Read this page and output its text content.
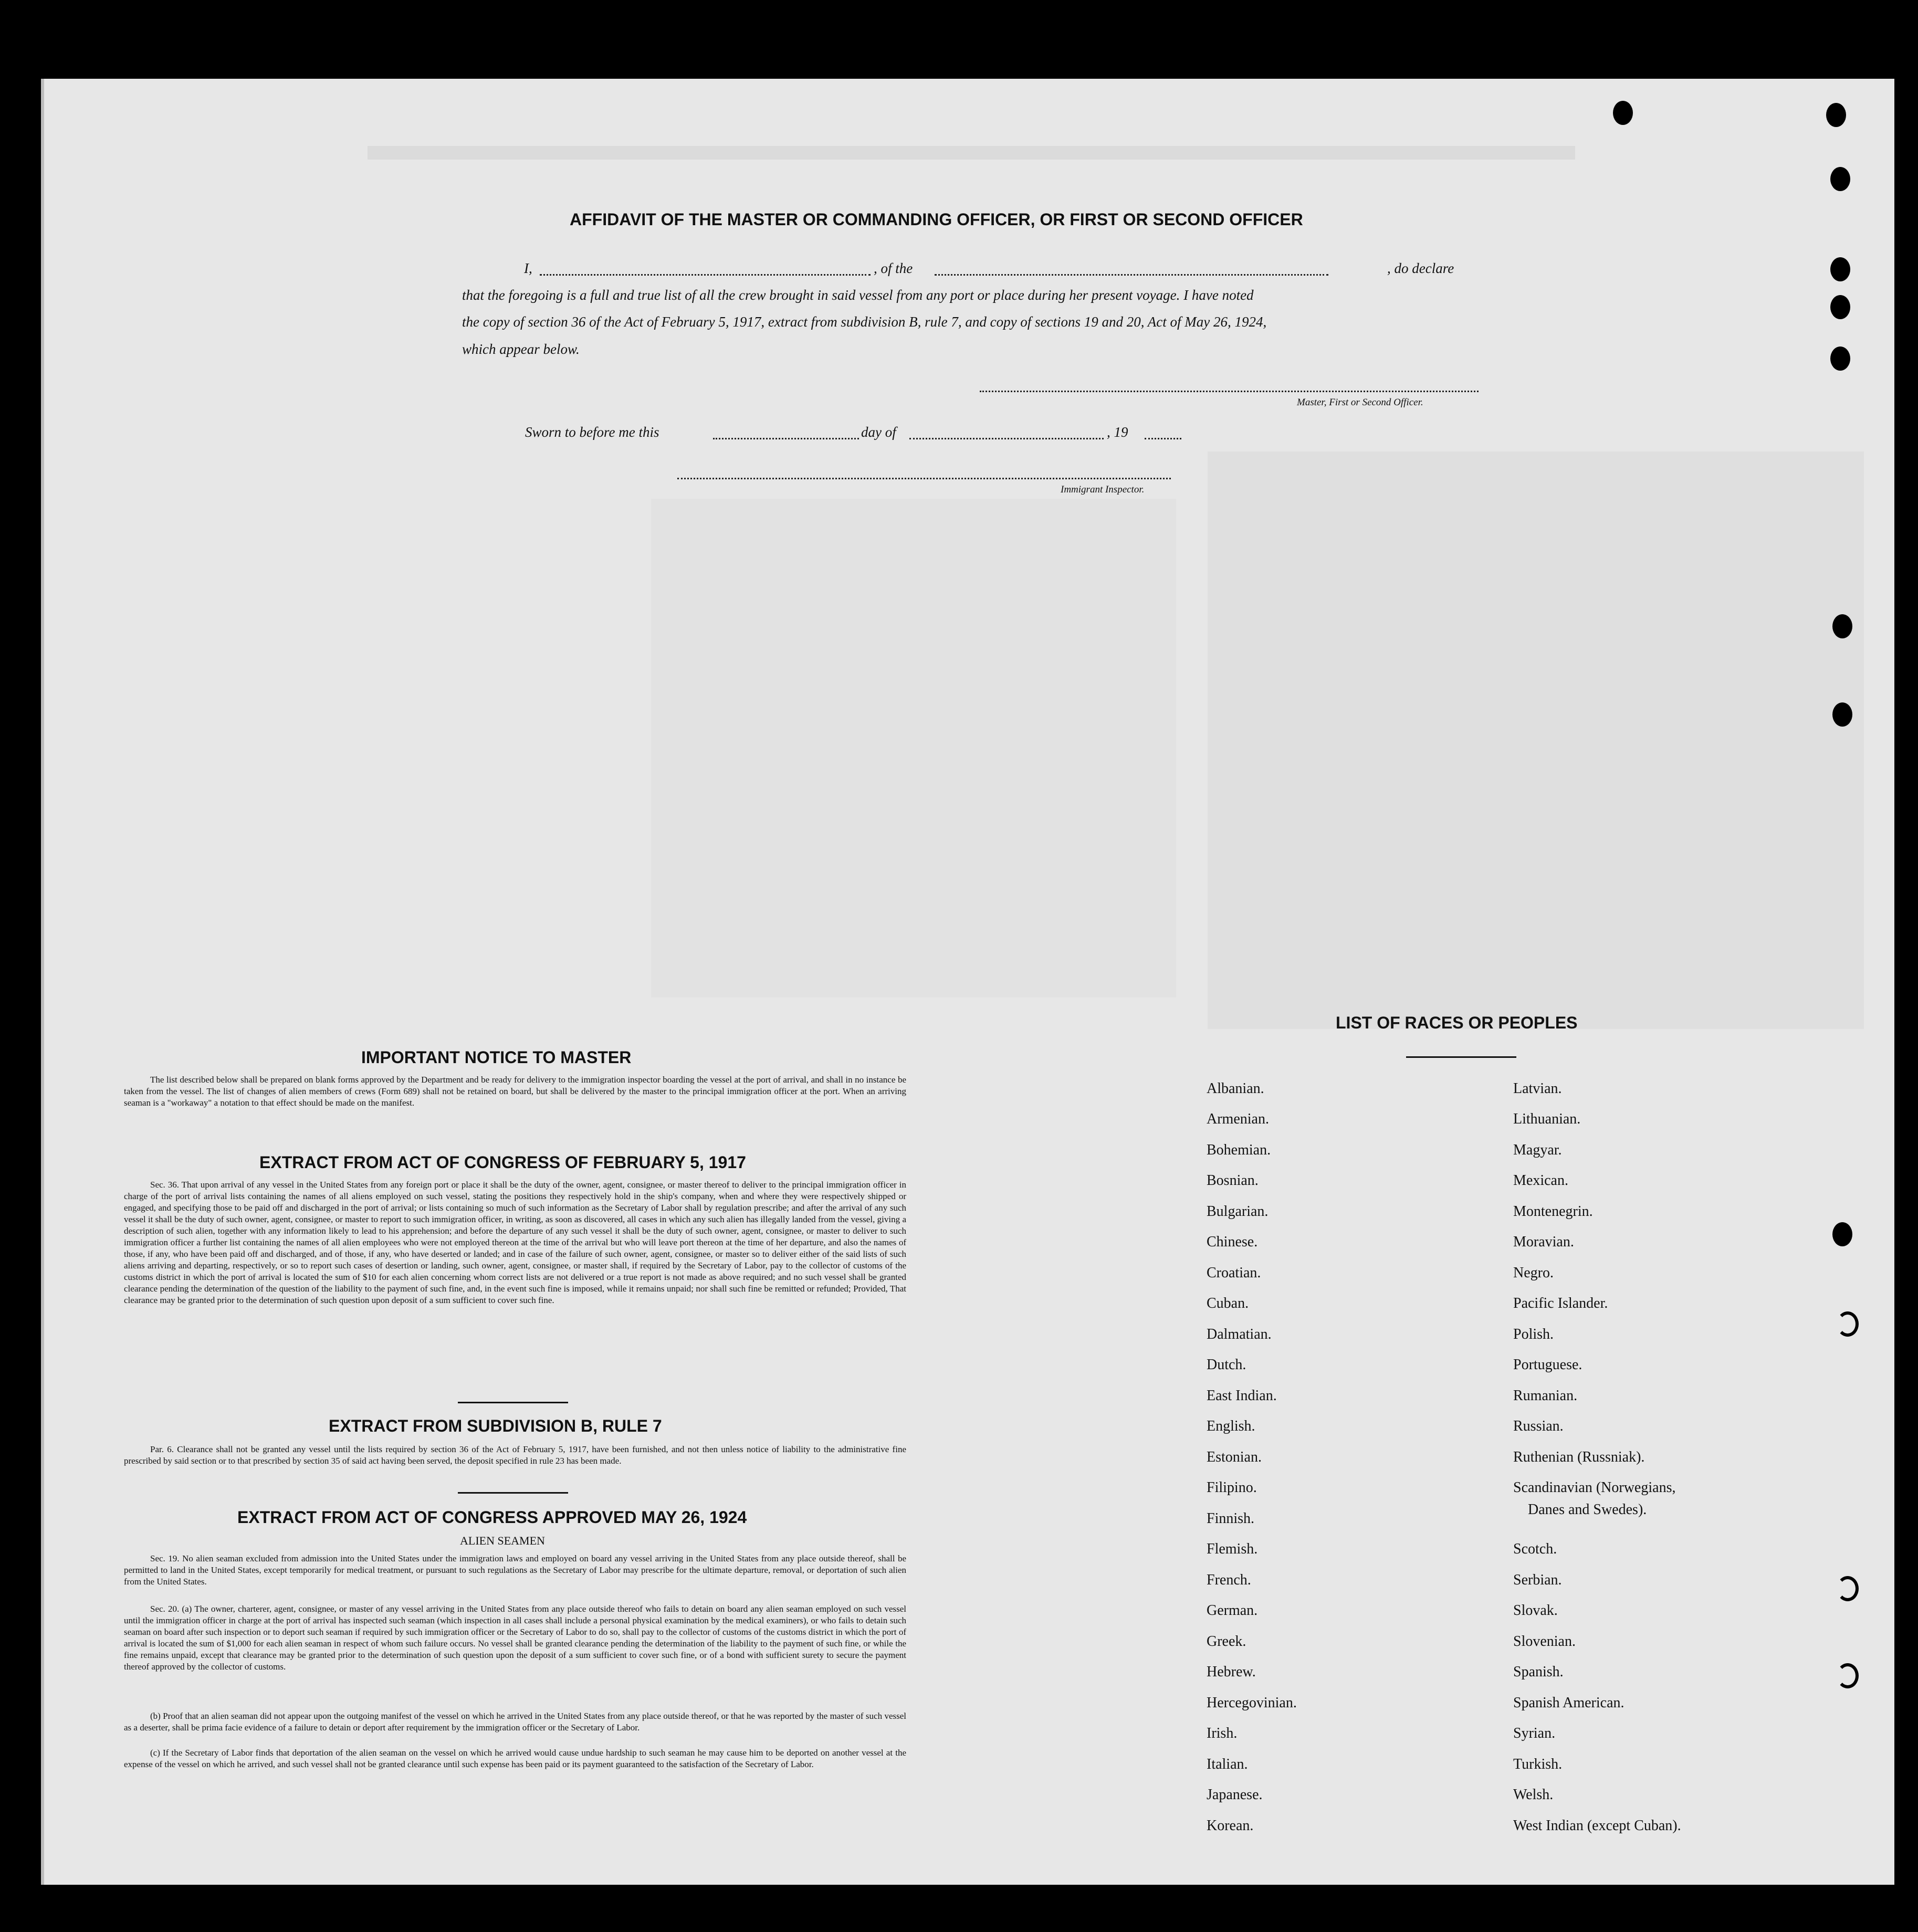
AFFIDAVIT OF THE MASTER OR COMMANDING OFFICER, OR FIRST OR SECOND OFFICER
I,	, of the	, do declare
that the foregoing is a full and true list of all the crew brought in said vessel from any port or place during her present voyage. I have noted
the copy of section 36 of the Act of February 5, 1917, extract from subdivision B, rule 7, and copy of sections 19 and 20, Act of May 26, 1924,
which appear below.
Master, First or Second Officer.
Sworn to before me this	day of	, 19
Immigrant Inspector.
IMPORTANT NOTICE TO MASTER
The list described below shall be prepared on blank forms approved by the Department and be ready for delivery to the immigration inspector boarding the vessel at the port of arrival, and shall in no instance be taken from the vessel. The list of changes of alien members of crews (Form 689) shall not be retained on board, but shall be delivered by the master to the principal immigration officer at the port. When an arriving seaman is a "workaway" a notation to that effect should be made on the manifest.
EXTRACT FROM ACT OF CONGRESS OF FEBRUARY 5, 1917
Sec. 36. That upon arrival of any vessel in the United States from any foreign port or place it shall be the duty of the owner, agent, consignee, or master thereof to deliver to the principal immigration officer in charge of the port of arrival lists containing the names of all aliens employed on such vessel, stating the positions they respectively hold in the ship's company, when and where they were respectively shipped or engaged, and specifying those to be paid off and discharged in the port of arrival; or lists containing so much of such information as the Secretary of Labor shall by regulation prescribe; and after the arrival of any such vessel it shall be the duty of such owner, agent, consignee, or master to report to such immigration officer, in writing, as soon as discovered, all cases in which any such alien has illegally landed from the vessel, giving a description of such alien, together with any information likely to lead to his apprehension; and before the departure of any such vessel it shall be the duty of such owner, agent, consignee, or master to deliver to such immigration officer a further list containing the names of all alien employees who were not employed thereon at the time of the arrival but who will leave port thereon at the time of her departure, and also the names of those, if any, who have been paid off and discharged, and of those, if any, who have deserted or landed; and in case of the failure of such owner, agent, consignee, or master so to deliver either of the said lists of such aliens arriving and departing, respectively, or so to report such cases of desertion or landing, such owner, agent, consignee, or master shall, if required by the Secretary of Labor, pay to the collector of customs of the customs district in which the port of arrival is located the sum of $10 for each alien concerning whom correct lists are not delivered or a true report is not made as above required; and no such vessel shall be granted clearance pending the determination of the question of the liability to the payment of such fine, and, in the event such fine is imposed, while it remains unpaid; nor shall such fine be remitted or refunded; Provided, That clearance may be granted prior to the determination of such question upon deposit of a sum sufficient to cover such fine.
EXTRACT FROM SUBDIVISION B, RULE 7
Par. 6. Clearance shall not be granted any vessel until the lists required by section 36 of the Act of February 5, 1917, have been furnished, and not then unless notice of liability to the administrative fine prescribed by said section or to that prescribed by section 35 of said act having been served, the deposit specified in rule 23 has been made.
EXTRACT FROM ACT OF CONGRESS APPROVED MAY 26, 1924
ALIEN SEAMEN
Sec. 19. No alien seaman excluded from admission into the United States under the immigration laws and employed on board any vessel arriving in the United States from any place outside thereof, shall be permitted to land in the United States, except temporarily for medical treatment, or pursuant to such regulations as the Secretary of Labor may prescribe for the ultimate departure, removal, or deportation of such alien from the United States.
Sec. 20. (a) The owner, charterer, agent, consignee, or master of any vessel arriving in the United States from any place outside thereof who fails to detain on board any alien seaman employed on such vessel until the immigration officer in charge at the port of arrival has inspected such seaman (which inspection in all cases shall include a personal physical examination by the medical examiners), or who fails to detain such seaman on board after such inspection or to deport such seaman if required by such immigration officer or the Secretary of Labor to do so, shall pay to the collector of customs of the customs district in which the port of arrival is located the sum of $1,000 for each alien seaman in respect of whom such failure occurs. No vessel shall be granted clearance pending the determination of the liability to the payment of such fine, or while the fine remains unpaid, except that clearance may be granted prior to the determination of such question upon the deposit of a sum sufficient to cover such fine, or of a bond with sufficient surety to secure the payment thereof approved by the collector of customs.
(b) Proof that an alien seaman did not appear upon the outgoing manifest of the vessel on which he arrived in the United States from any place outside thereof, or that he was reported by the master of such vessel as a deserter, shall be prima facie evidence of a failure to detain or deport after requirement by the immigration officer or the Secretary of Labor.
(c) If the Secretary of Labor finds that deportation of the alien seaman on the vessel on which he arrived would cause undue hardship to such seaman he may cause him to be deported on another vessel at the expense of the vessel on which he arrived, and such vessel shall not be granted clearance until such expense has been paid or its payment guaranteed to the satisfaction of the Secretary of Labor.
LIST OF RACES OR PEOPLES
Albanian.
Armenian.
Bohemian.
Bosnian.
Bulgarian.
Chinese.
Croatian.
Cuban.
Dalmatian.
Dutch.
East Indian.
English.
Estonian.
Filipino.
Finnish.
Flemish.
French.
German.
Greek.
Hebrew.
Hercegovinian.
Irish.
Italian.
Japanese.
Korean.
Latvian.
Lithuanian.
Magyar.
Mexican.
Montenegrin.
Moravian.
Negro.
Pacific Islander.
Polish.
Portuguese.
Rumanian.
Russian.
Ruthenian (Russniak).
Scandinavian (Norwegians,
Danes and Swedes).
Scotch.
Serbian.
Slovak.
Slovenian.
Spanish.
Spanish American.
Syrian.
Turkish.
Welsh.
West Indian (except Cuban).
